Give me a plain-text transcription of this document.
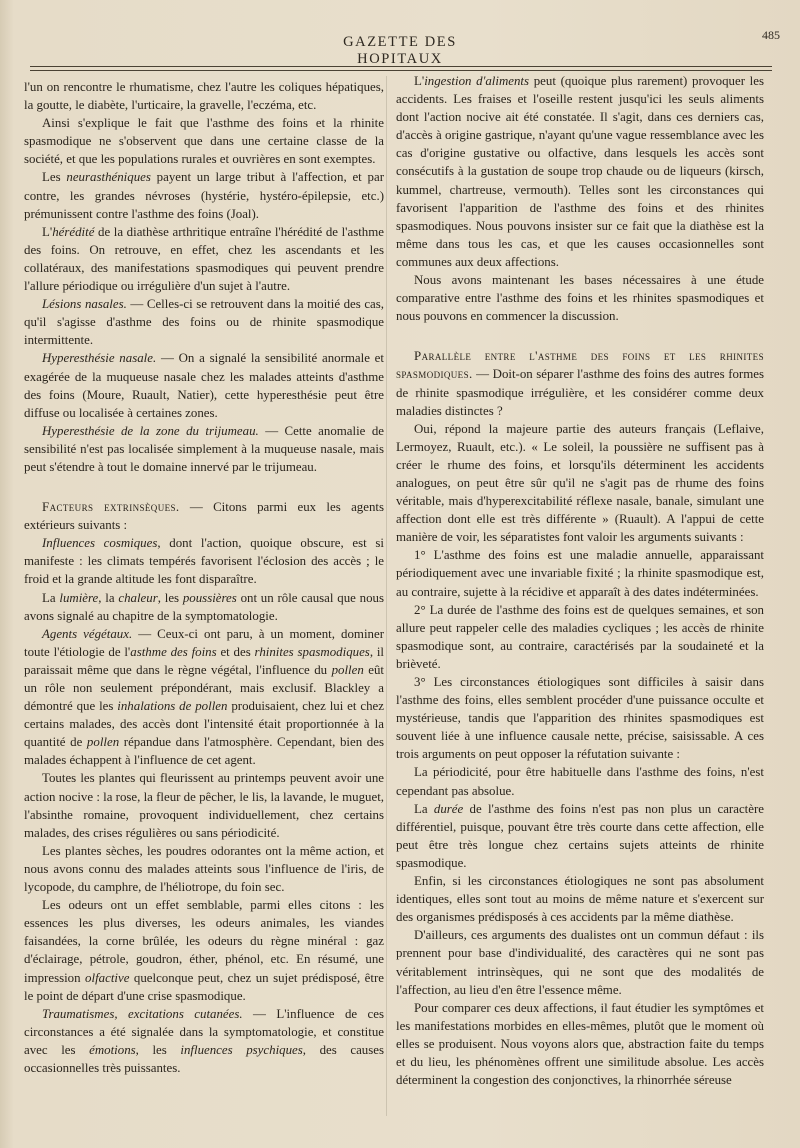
GAZETTE DES HOPITAUX
485

l'un on rencontre le rhumatisme, chez l'autre les coliques hépatiques, la goutte, le diabète, l'urticaire, la gravelle, l'eczéma, etc.

Ainsi s'explique le fait que l'asthme des foins et la rhinite spasmodique ne s'observent que dans une certaine classe de la société, et que les populations rurales et ouvrières en sont exemptes.

Les neurasthéniques payent un large tribut à l'affection, et par contre, les grandes névroses (hystérie, hystéro-épilepsie, etc.) prémunissent contre l'asthme des foins (Joal).

L'hérédité de la diathèse arthritique entraîne l'hérédité de l'asthme des foins. On retrouve, en effet, chez les ascendants et les collatéraux, des manifestations spasmodiques qui peuvent prendre l'allure périodique ou irrégulière d'un sujet à l'autre.

Lésions nasales. — Celles-ci se retrouvent dans la moitié des cas, qu'il s'agisse d'asthme des foins ou de rhinite spasmodique intermittente.

Hyperesthésie nasale. — On a signalé la sensibilité anormale et exagérée de la muqueuse nasale chez les malades atteints d'asthme des foins (Moure, Ruault, Natier), cette hyperesthésie peut être diffuse ou localisée à certaines zones.

Hyperesthésie de la zone du trijumeau. — Cette anomalie de sensibilité n'est pas localisée simplement à la muqueuse nasale, mais peut s'étendre à tout le domaine innervé par le trijumeau.

Facteurs extrinsèques. — Citons parmi eux les agents extérieurs suivants :

Influences cosmiques, dont l'action, quoique obscure, est si manifeste : les climats tempérés favorisent l'éclosion des accès ; le froid et la grande altitude les font disparaître.

La lumière, la chaleur, les poussières ont un rôle causal que nous avons signalé au chapitre de la symptomatologie.

Agents végétaux. — Ceux-ci ont paru, à un moment, dominer toute l'étiologie de l'asthme des foins et des rhinites spasmodiques, il paraissait même que dans le règne végétal, l'influence du pollen eût un rôle non seulement prépondérant, mais exclusif. Blackley a démontré que les inhalations de pollen produisaient, chez lui et chez certains malades, des accès dont l'intensité était proportionnée à la quantité de pollen répandue dans l'atmosphère. Cependant, bien des malades échappent à l'influence de cet agent.

Toutes les plantes qui fleurissent au printemps peuvent avoir une action nocive : la rose, la fleur de pêcher, le lis, la lavande, le muguet, l'absinthe romaine, provoquent individuellement, chez certains malades, des crises régulières ou sans périodicité.

Les plantes sèches, les poudres odorantes ont la même action, et nous avons connu des malades atteints sous l'influence de l'iris, de lycopode, du camphre, de l'héliotrope, du foin sec.

Les odeurs ont un effet semblable, parmi elles citons : les essences les plus diverses, les odeurs animales, les viandes faisandées, la corne brûlée, les odeurs du règne minéral : gaz d'éclairage, pétrole, goudron, éther, phénol, etc. En résumé, une impression olfactive quelconque peut, chez un sujet prédisposé, être le point de départ d'une crise spasmodique.

Traumatismes, excitations cutanées. — L'influence de ces circonstances a été signalée dans la symptomatologie, et constitue avec les émotions, les influences psychiques, des causes occasionnelles très puissantes.

L'ingestion d'aliments peut (quoique plus rarement) provoquer les accidents. Les fraises et l'oseille restent jusqu'ici les seuls aliments dont l'action nocive ait été constatée. Il s'agit, dans ces derniers cas, d'accès à origine gastrique, n'ayant qu'une vague ressemblance avec les cas d'origine gustative ou olfactive, dans lesquels les accès sont consécutifs à la gustation de soupe trop chaude ou de liqueurs (kirsch, kummel, chartreuse, vermouth). Telles sont les circonstances qui favorisent l'apparition de l'asthme des foins et des rhinites spasmodiques. Nous pouvons insister sur ce fait que la diathèse est la même dans tous les cas, et que les causes occasionnelles sont communes aux deux affections.

Nous avons maintenant les bases nécessaires à une étude comparative entre l'asthme des foins et les rhinites spasmodiques et nous pouvons en commencer la discussion.

Parallèle entre l'asthme des foins et les rhinites spasmodiques. — Doit-on séparer l'asthme des foins des autres formes de rhinite spasmodique irrégulière, et les considérer comme deux maladies distinctes ?

Oui, répond la majeure partie des auteurs français (Leflaive, Lermoyez, Ruault, etc.). « Le soleil, la poussière ne suffisent pas à créer le rhume des foins, et lorsqu'ils déterminent les accidents analogues, on peut être sûr qu'il ne s'agit pas de rhume des foins véritable, mais d'hyperexcitabilité réflexe nasale, banale, simulant une affection dont elle est très différente » (Ruault). A l'appui de cette manière de voir, les séparatistes font valoir les arguments suivants :

1° L'asthme des foins est une maladie annuelle, apparaissant périodiquement avec une invariable fixité ; la rhinite spasmodique est, au contraire, sujette à la récidive et apparaît à des dates indéterminées.

2° La durée de l'asthme des foins est de quelques semaines, et son allure peut rappeler celle des maladies cycliques ; les accès de rhinite spasmodique sont, au contraire, caractérisés par la soudaineté et la brièveté.

3° Les circonstances étiologiques sont difficiles à saisir dans l'asthme des foins, elles semblent procéder d'une puissance occulte et mystérieuse, tandis que l'apparition des rhinites spasmodiques est souvent liée à une influence causale nette, précise, saisissable. A ces trois arguments on peut opposer la réfutation suivante :

La périodicité, pour être habituelle dans l'asthme des foins, n'est cependant pas absolue.

La durée de l'asthme des foins n'est pas non plus un caractère différentiel, puisque, pouvant être très courte dans cette affection, elle peut être très longue chez certains sujets atteints de rhinite spasmodique.

Enfin, si les circonstances étiologiques ne sont pas absolument identiques, elles sont tout au moins de même nature et s'exercent sur des organismes prédisposés à ces accidents par la même diathèse.

D'ailleurs, ces arguments des dualistes ont un commun défaut : ils prennent pour base d'individualité, des caractères qui ne sont pas véritablement intrinsèques, qui ne sont que des modalités de l'affection, au lieu d'en être l'essence même.

Pour comparer ces deux affections, il faut étudier les symptômes et les manifestations morbides en elles-mêmes, plutôt que le moment où elles se produisent. Nous voyons alors que, abstraction faite du temps et du lieu, les phénomènes offrent une similitude absolue. Les accès déterminent la congestion des conjonctives, la rhinorrhée séreuse
